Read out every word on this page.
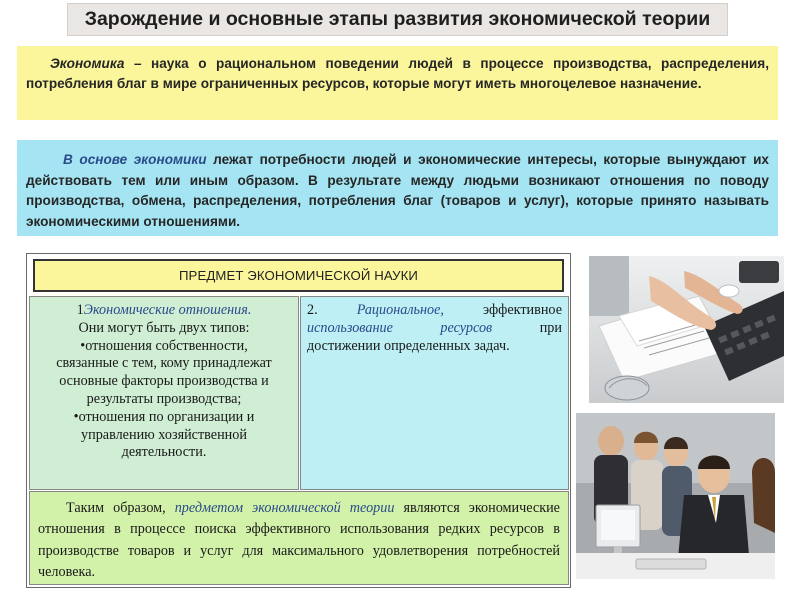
Зарождение и основные этапы развития экономической теории
Экономика – наука о рациональном поведении людей в процессе производства, распределения, потребления благ в мире ограниченных ресурсов, которые могут иметь многоцелевое назначение.
В основе экономики лежат потребности людей и экономические интересы, которые вынуждают их действовать тем или иным образом. В результате между людьми возникают отношения по поводу производства, обмена, распределения, потребления благ (товаров и услуг), которые принято называть экономическими отношениями.
ПРЕДМЕТ ЭКОНОМИЧЕСКОЙ НАУКИ
1Экономические отношения.
Они могут быть двух типов:
•отношения собственности,
связанные с тем, кому принадлежат
основные факторы производства и
результаты производства;
•отношения по организации и
управлению хозяйственной
деятельности.
2.	Рациональное,	эффективное
использование	ресурсов	при
достижении определенных задач.
Таким образом, предметом экономической теории являются экономические отношения в процессе поиска эффективного использования редких ресурсов в производстве товаров и услуг для максимального удовлетворения потребностей человека.
